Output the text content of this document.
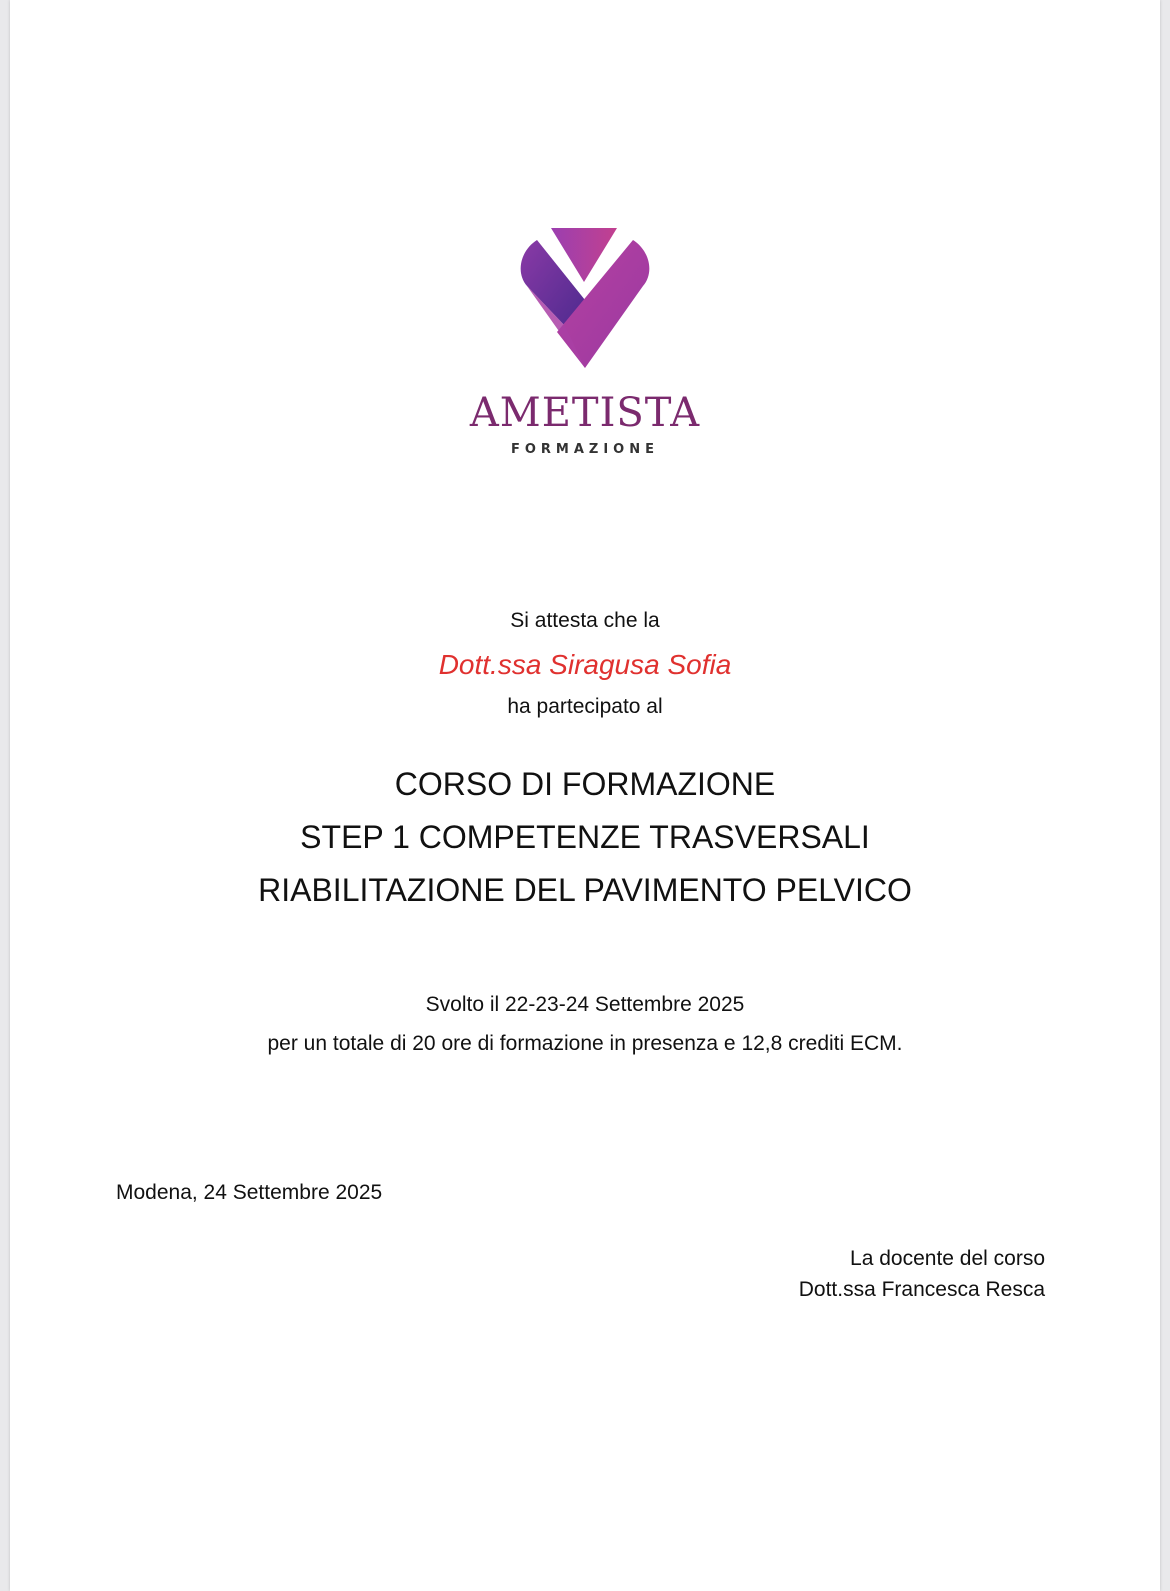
AMETISTA
FORMAZIONE
Si attesta che la
Dott.ssa Siragusa Sofia
ha partecipato al
CORSO DI FORMAZIONE
STEP 1 COMPETENZE TRASVERSALI
RIABILITAZIONE DEL PAVIMENTO PELVICO
Svolto il 22-23-24 Settembre 2025
per un totale di 20 ore di formazione in presenza e 12,8 crediti ECM.
Modena, 24 Settembre 2025
La docente del corso
Dott.ssa Francesca Resca
